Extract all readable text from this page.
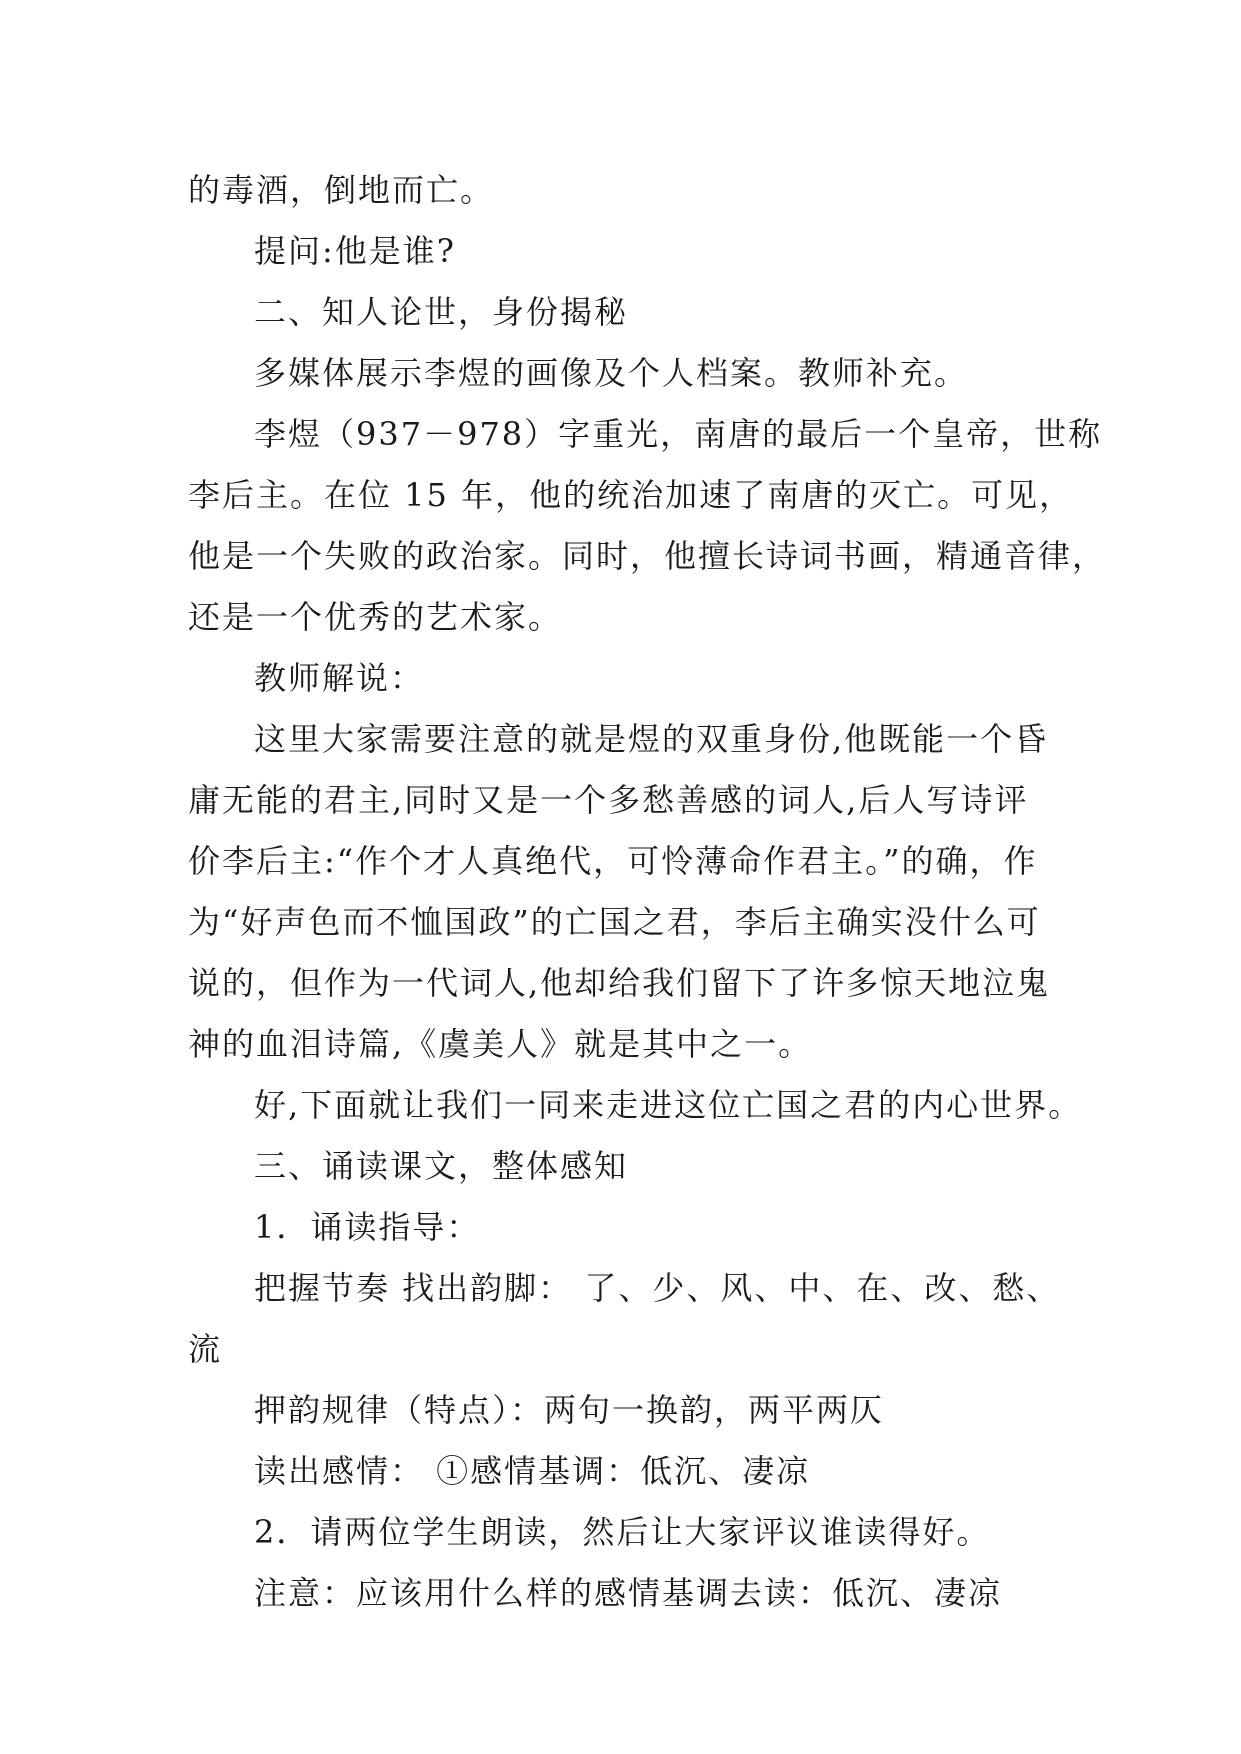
的毒酒，倒地而亡。
提问:他是谁?
二、知人论世，身份揭秘
多媒体展示李煜的画像及个人档案。教师补充。
李煜（937－978）字重光，南唐的最后一个皇帝，世称
李后主。在位 15 年，他的统治加速了南唐的灭亡。可见，
他是一个失败的政治家。同时，他擅长诗词书画，精通音律，
还是一个优秀的艺术家。
教师解说：
这里大家需要注意的就是煜的双重身份,他既能一个昏
庸无能的君主,同时又是一个多愁善感的词人,后人写诗评
价李后主:“作个才人真绝代，可怜薄命作君主。”的确，作
为“好声色而不恤国政”的亡国之君，李后主确实没什么可
说的，但作为一代词人,他却给我们留下了许多惊天地泣鬼
神的血泪诗篇,《虞美人》就是其中之一。
好,下面就让我们一同来走进这位亡国之君的内心世界。
三、诵读课文，整体感知
1．诵读指导：
把握节奏 找出韵脚： 了、少、风、中、在、改、愁、
流
押韵规律（特点）：两句一换韵，两平两仄
读出感情： ①感情基调：低沉、凄凉
2．请两位学生朗读，然后让大家评议谁读得好。
注意：应该用什么样的感情基调去读：低沉、凄凉
